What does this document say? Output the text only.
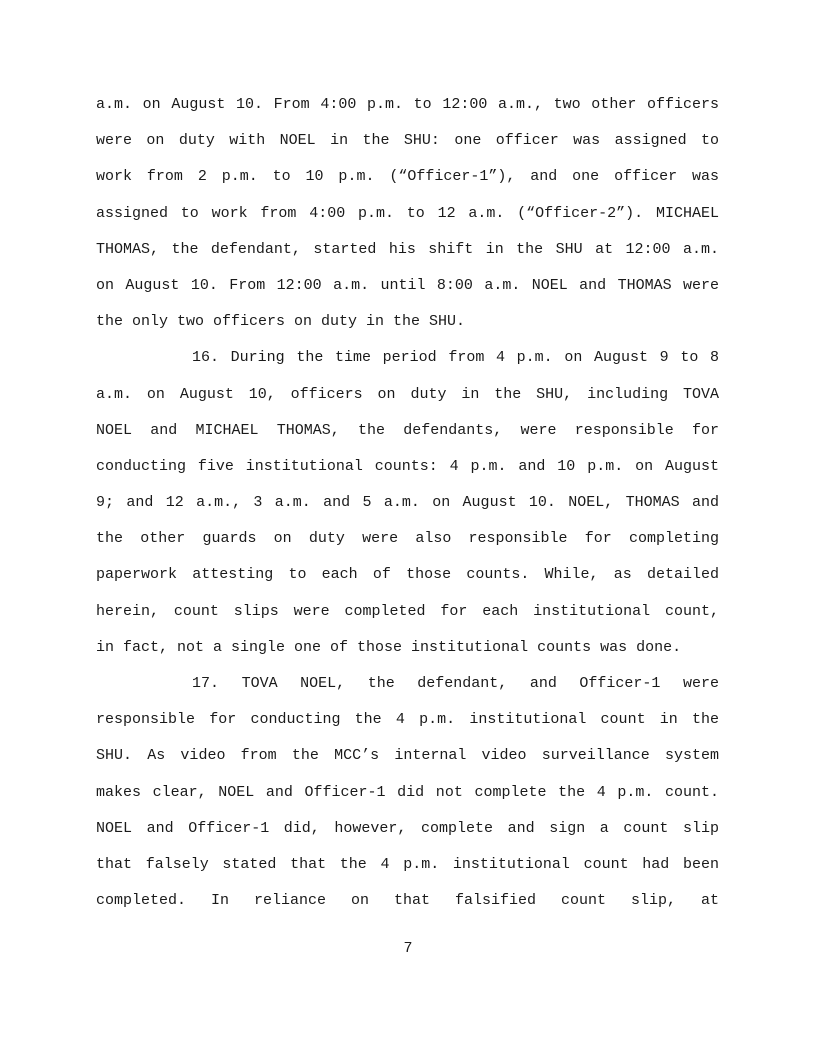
a.m. on August 10. From 4:00 p.m. to 12:00 a.m., two other officers
were on duty with NOEL in the SHU: one officer was assigned to
work from 2 p.m. to 10 p.m. (“Officer-1”), and one officer was
assigned to work from 4:00 p.m. to 12 a.m. (“Officer-2”). MICHAEL
THOMAS, the defendant, started his shift in the SHU at 12:00 a.m.
on August 10. From 12:00 a.m. until 8:00 a.m. NOEL and THOMAS were
the only two officers on duty in the SHU.
16. During the time period from 4 p.m. on August 9 to 8
a.m. on August 10, officers on duty in the SHU, including TOVA
NOEL and MICHAEL THOMAS, the defendants, were responsible for
conducting five institutional counts: 4 p.m. and 10 p.m. on August
9; and 12 a.m., 3 a.m. and 5 a.m. on August 10. NOEL, THOMAS and
the other guards on duty were also responsible for completing
paperwork attesting to each of those counts. While, as detailed
herein, count slips were completed for each institutional count,
in fact, not a single one of those institutional counts was done.
17. TOVA NOEL, the defendant, and Officer-1 were
responsible for conducting the 4 p.m. institutional count in the
SHU. As video from the MCC’s internal video surveillance system
makes clear, NOEL and Officer-1 did not complete the 4 p.m. count.
NOEL and Officer-1 did, however, complete and sign a count slip
that falsely stated that the 4 p.m. institutional count had been
completed. In reliance on that falsified count slip, at
7
